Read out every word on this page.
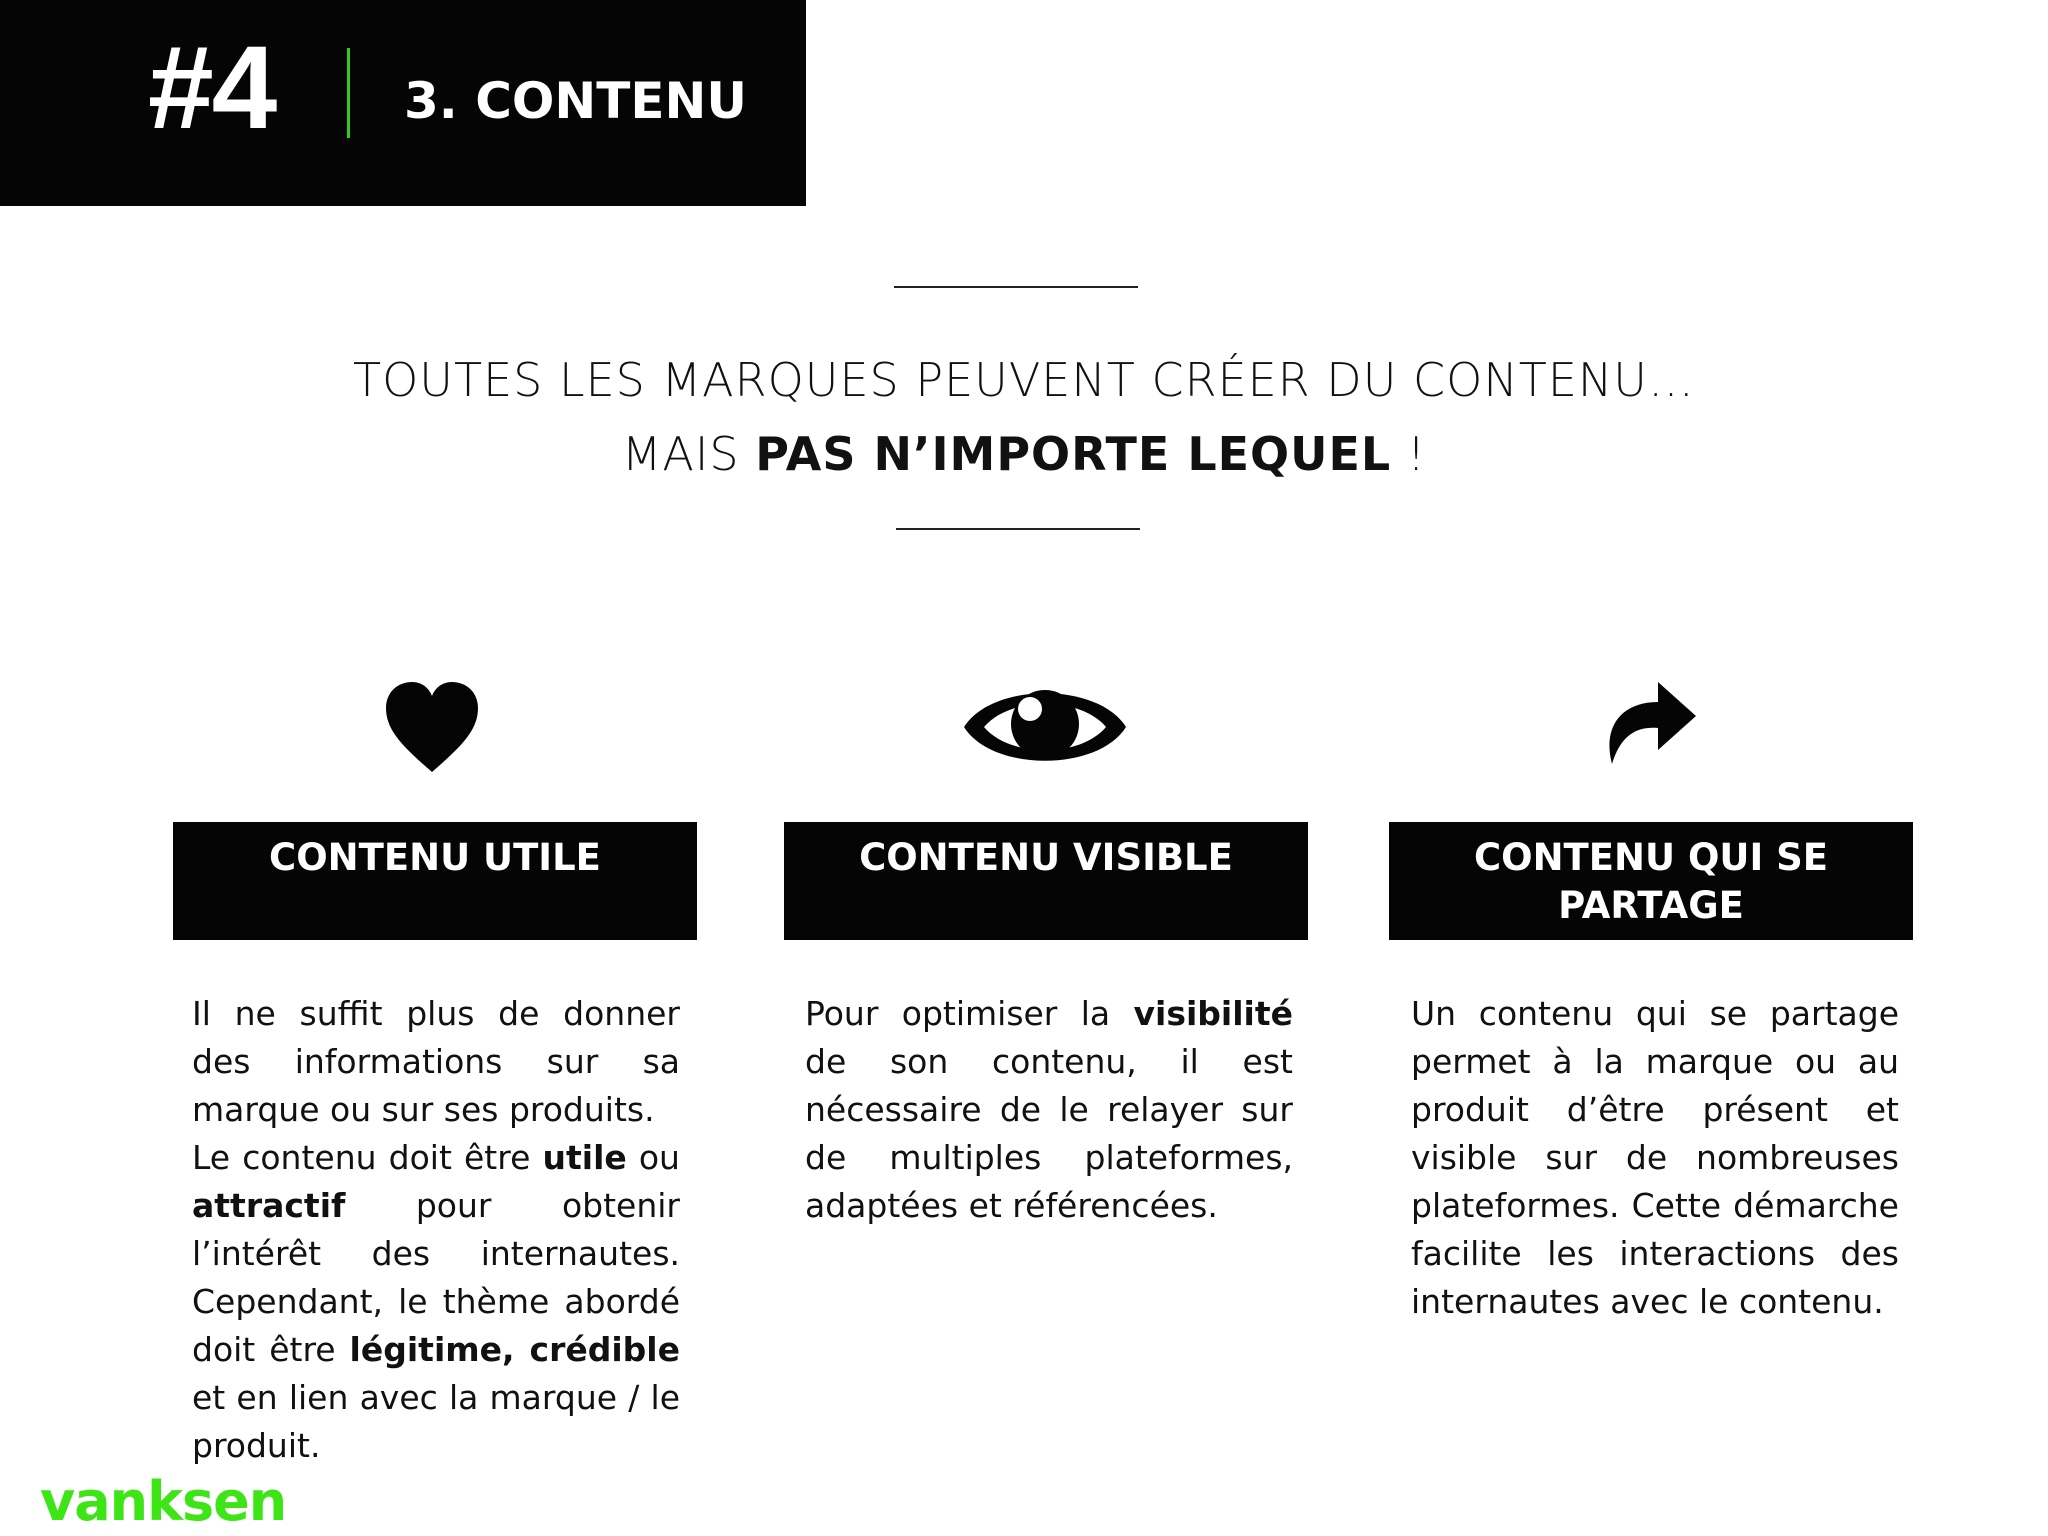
#4	3. CONTENU
TOUTES LES MARQUES PEUVENT CRÉER DU CONTENU…
MAIS PAS N’IMPORTE LEQUEL !
CONTENU UTILE	CONTENU VISIBLE	CONTENU QUI SE PARTAGE
Il ne suffit plus de donner des informations sur sa marque ou sur ses produits.
Le contenu doit être utile ou attractif pour obtenir l’intérêt des internautes. Cependant, le thème abordé doit être légitime, crédible et en lien avec la marque / le produit.
Pour optimiser la visibilité de son contenu, il est nécessaire de le relayer sur de multiples plateformes, adaptées et référencées.
Un contenu qui se partage permet à la marque ou au produit d’être présent et visible sur de nombreuses plateformes. Cette démarche facilite les interactions des internautes avec le contenu.
vanksen
